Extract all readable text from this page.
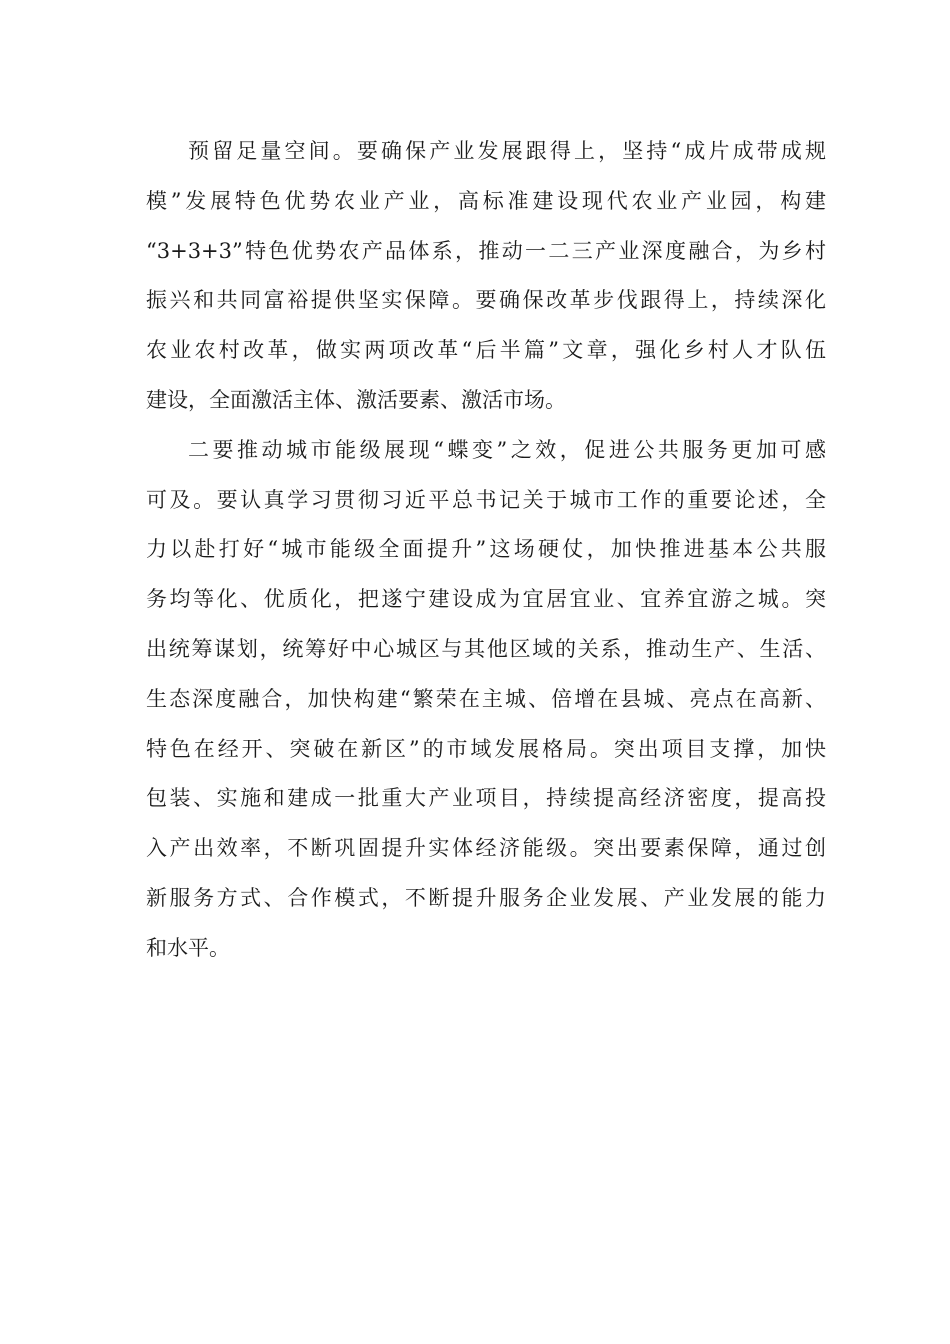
预留足量空间。要确保产业发展跟得上，坚持“成片成带成规
模”发展特色优势农业产业，高标准建设现代农业产业园，构建
“3+3+3”特色优势农产品体系，推动一二三产业深度融合，为乡村
振兴和共同富裕提供坚实保障。要确保改革步伐跟得上，持续深化
农业农村改革，做实两项改革“后半篇”文章，强化乡村人才队伍
建设，全面激活主体、激活要素、激活市场。
二要推动城市能级展现“蝶变”之效，促进公共服务更加可感
可及。要认真学习贯彻习近平总书记关于城市工作的重要论述，全
力以赴打好“城市能级全面提升”这场硬仗，加快推进基本公共服
务均等化、优质化，把遂宁建设成为宜居宜业、宜养宜游之城。突
出统筹谋划，统筹好中心城区与其他区域的关系，推动生产、生活、
生态深度融合，加快构建“繁荣在主城、倍增在县城、亮点在高新、
特色在经开、突破在新区”的市域发展格局。突出项目支撑，加快
包装、实施和建成一批重大产业项目，持续提高经济密度，提高投
入产出效率，不断巩固提升实体经济能级。突出要素保障，通过创
新服务方式、合作模式，不断提升服务企业发展、产业发展的能力
和水平。
